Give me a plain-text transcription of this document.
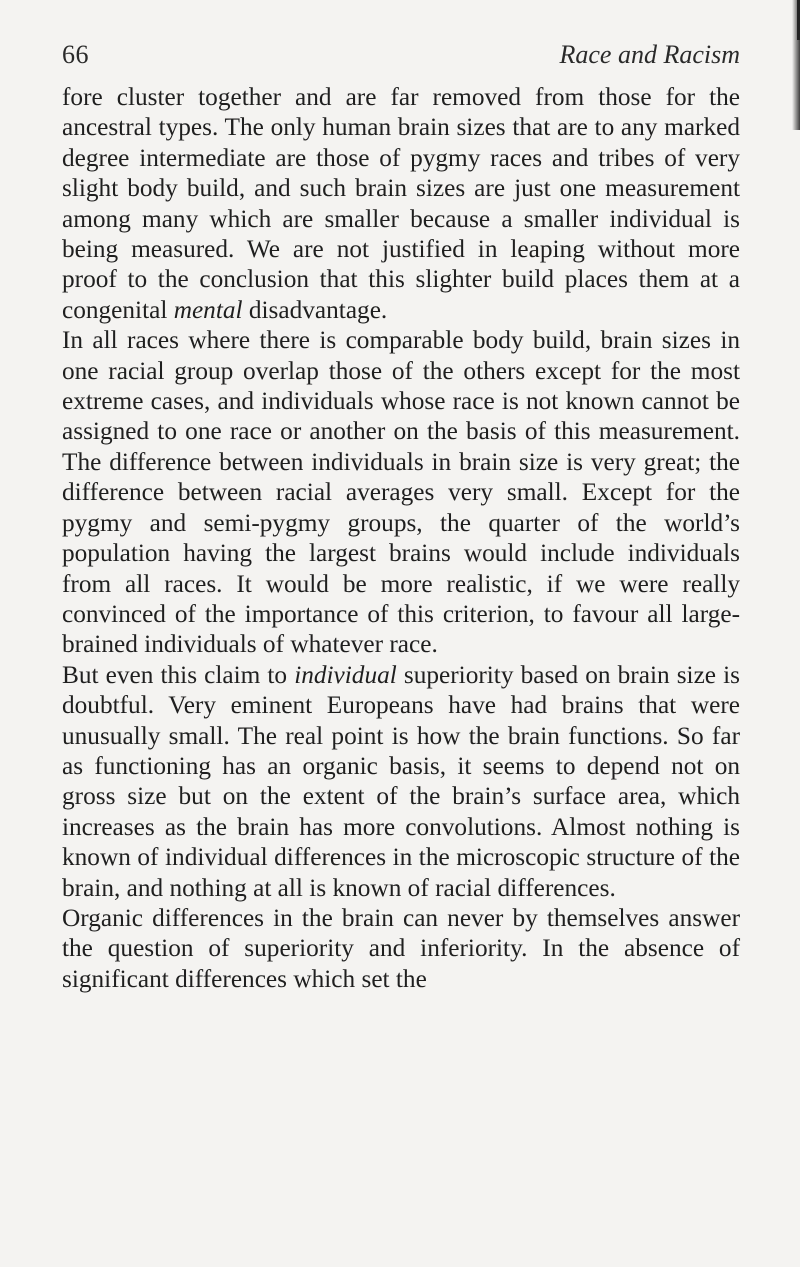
66	Race and Racism

fore cluster together and are far removed from those for the ancestral types. The only human brain sizes that are to any marked degree intermediate are those of pygmy races and tribes of very slight body build, and such brain sizes are just one measurement among many which are smaller because a smaller individual is being measured. We are not justified in leaping without more proof to the conclusion that this slighter build places them at a congenital mental disadvantage.

In all races where there is comparable body build, brain sizes in one racial group overlap those of the others except for the most extreme cases, and individuals whose race is not known cannot be assigned to one race or another on the basis of this measurement. The difference between individuals in brain size is very great; the difference between racial averages very small. Except for the pygmy and semi-pygmy groups, the quarter of the world’s population having the largest brains would include individuals from all races. It would be more realistic, if we were really convinced of the importance of this criterion, to favour all large-brained individuals of whatever race.

But even this claim to individual superiority based on brain size is doubtful. Very eminent Europeans have had brains that were unusually small. The real point is how the brain functions. So far as functioning has an organic basis, it seems to depend not on gross size but on the extent of the brain’s surface area, which increases as the brain has more convolutions. Almost nothing is known of individual differences in the microscopic structure of the brain, and nothing at all is known of racial differences.

Organic differences in the brain can never by themselves answer the question of superiority and inferiority. In the absence of significant differences which set the
